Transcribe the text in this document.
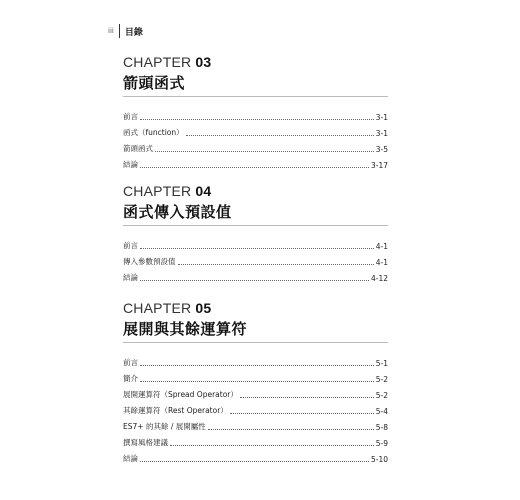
iii 目錄
CHAPTER 03
箭頭函式
前言	3-1
函式（function）	3-1
箭頭函式	3-5
結論	3-17
CHAPTER 04
函式傳入預設值
前言	4-1
傳入參數預設值	4-1
結論	4-12
CHAPTER 05
展開與其餘運算符
前言	5-1
簡介	5-2
展開運算符（Spread Operator）	5-2
其餘運算符（Rest Operator）	5-4
ES7+ 的其餘 / 展開屬性	5-8
撰寫風格建議	5-9
結論	5-10
